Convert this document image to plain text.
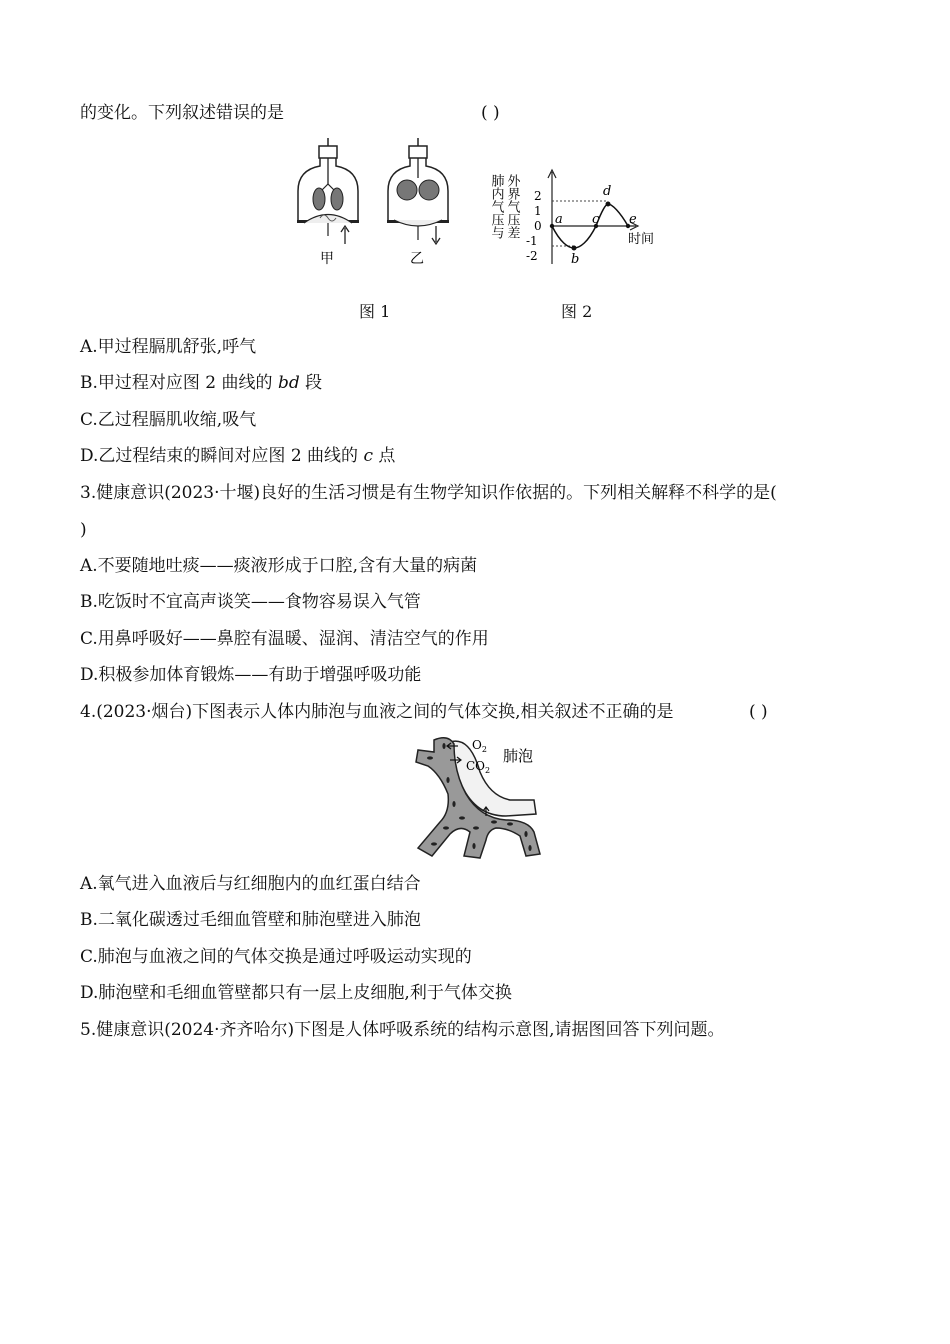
的变化。下列叙述错误的是	( )
甲	乙
肺内气压与 外界气压差 2
1
0
-1
-2
a
b
c
d
e
时间
图 1	图 2
A.甲过程膈肌舒张,呼气
B.甲过程对应图 2 曲线的 bd 段
C.乙过程膈肌收缩,吸气
D.乙过程结束的瞬间对应图 2 曲线的 c 点
3.健康意识(2023·十堰)良好的生活习惯是有生物学知识作依据的。下列相关解释不科学的是(
)
A.不要随地吐痰——痰液形成于口腔,含有大量的病菌
B.吃饭时不宜高声谈笑——食物容易误入气管
C.用鼻呼吸好——鼻腔有温暖、湿润、清洁空气的作用
D.积极参加体育锻炼——有助于增强呼吸功能
4.(2023·烟台)下图表示人体内肺泡与血液之间的气体交换,相关叙述不正确的是	( )
$O_2$
$CO_2$
肺泡
A.氧气进入血液后与红细胞内的血红蛋白结合
B.二氧化碳透过毛细血管壁和肺泡壁进入肺泡
C.肺泡与血液之间的气体交换是通过呼吸运动实现的
D.肺泡壁和毛细血管壁都只有一层上皮细胞,利于气体交换
5.健康意识(2024·齐齐哈尔)下图是人体呼吸系统的结构示意图,请据图回答下列问题。
